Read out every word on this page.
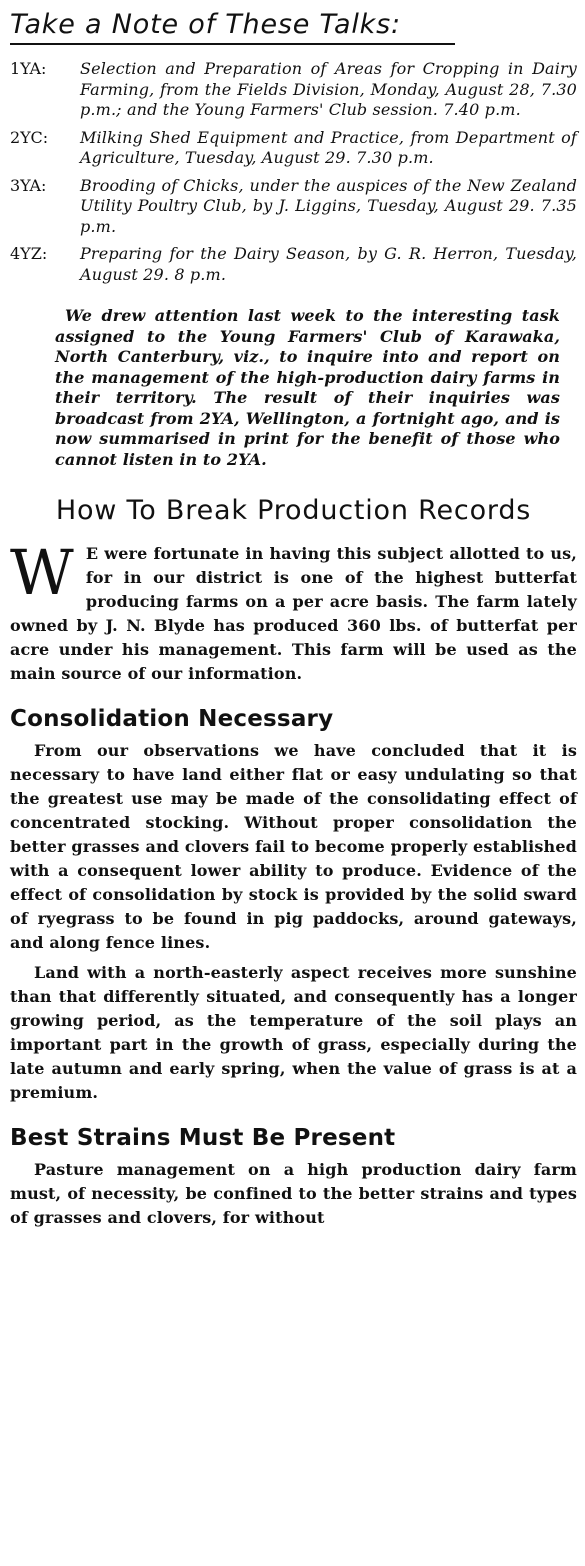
Take a Note of These Talks:
1YA:	Selection and Preparation of Areas for Cropping in Dairy Farming, from the Fields Division, Monday, August 28, 7.30 p.m.; and the Young Farmers' Club session. 7.40 p.m.
2YC:	Milking Shed Equipment and Practice, from Department of Agriculture, Tuesday, August 29. 7.30 p.m.
3YA:	Brooding of Chicks, under the auspices of the New Zealand Utility Poultry Club, by J. Liggins, Tuesday, August 29. 7.35 p.m.
4YZ:	Preparing for the Dairy Season, by G. R. Herron, Tuesday, August 29. 8 p.m.
We drew attention last week to the interesting task assigned to the Young Farmers' Club of Karawaka, North Canterbury, viz., to inquire into and report on the management of the high-production dairy farms in their territory. The result of their inquiries was broadcast from 2YA, Wellington, a fortnight ago, and is now summarised in print for the benefit of those who cannot listen in to 2YA.
How To Break Production Records

W E were fortunate in having this subject allotted to us, for in our district is one of the highest butterfat producing farms on a per acre basis. The farm lately owned by J. N. Blyde has produced 360 lbs. of butterfat per acre under his management. This farm will be used as the main source of our information.

Consolidation Necessary

From our observations we have concluded that it is necessary to have land either flat or easy undulating so that the greatest use may be made of the consolidating effect of concentrated stocking. Without proper consolidation the better grasses and clovers fail to become properly established with a consequent lower ability to produce. Evidence of the effect of consolidation by stock is provided by the solid sward of ryegrass to be found in pig paddocks, around gateways, and along fence lines.

Land with a north-easterly aspect receives more sunshine than that differently situated, and consequently has a longer growing period, as the temperature of the soil plays an important part in the growth of grass, especially during the late autumn and early spring, when the value of grass is at a premium.

Best Strains Must Be Present

Pasture management on a high production dairy farm must, of necessity, be confined to the better strains and types of grasses and clovers, for without
